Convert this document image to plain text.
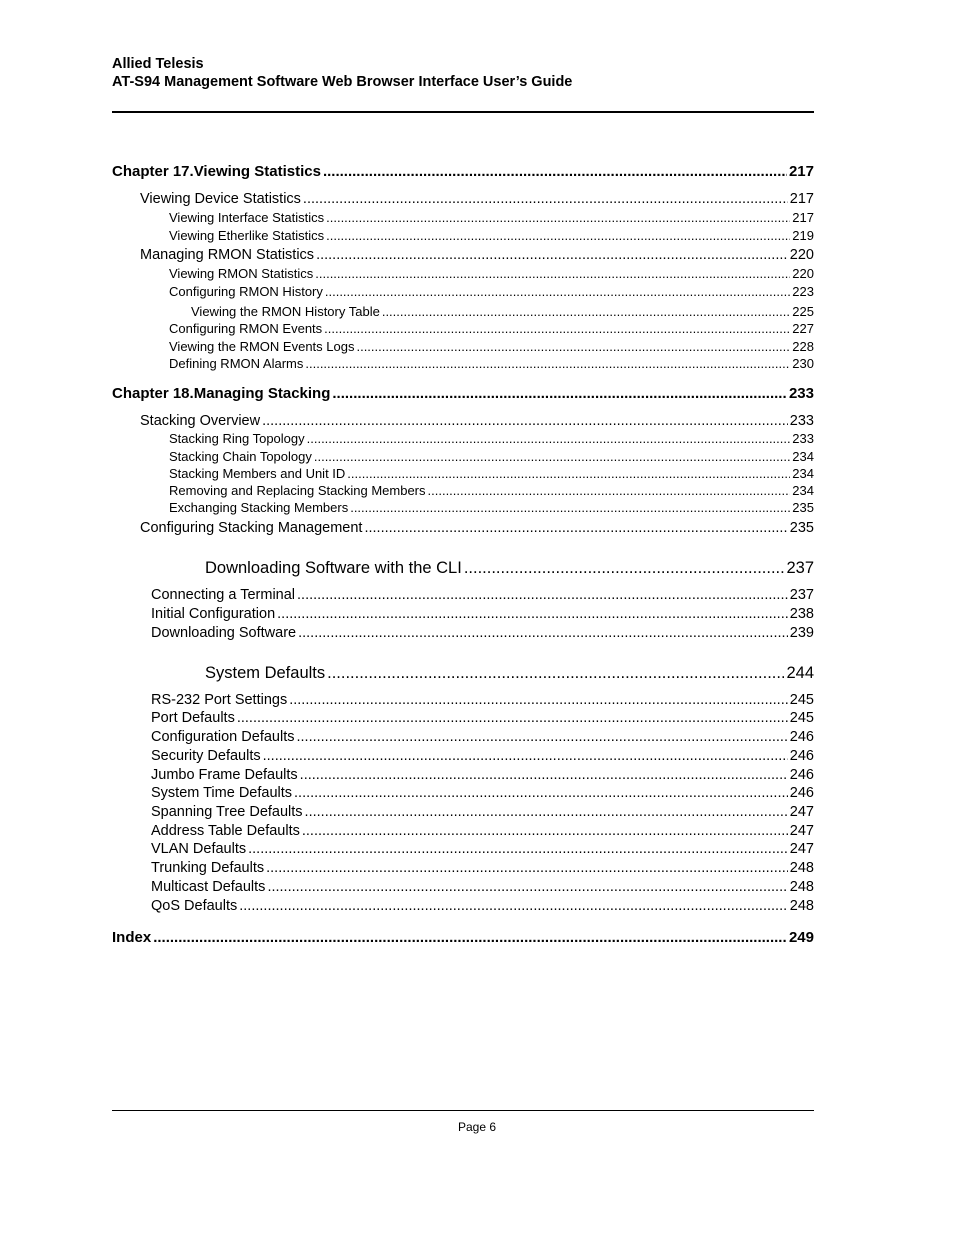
Allied Telesis
AT-S94 Management Software Web Browser Interface User’s Guide
Chapter 17.Viewing Statistics .....	217
Viewing Device Statistics .....	217
Viewing Interface Statistics .....	217
Viewing Etherlike Statistics .....	219
Managing RMON Statistics .....	220
Viewing RMON Statistics .....	220
Configuring RMON History .....	223
Viewing the RMON History Table .....	225
Configuring RMON Events .....	227
Viewing the RMON Events Logs .....	228
Defining RMON Alarms .....	230
Chapter 18.Managing Stacking .....	233
Stacking Overview .....	233
Stacking Ring Topology .....	233
Stacking Chain Topology .....	234
Stacking Members and Unit ID .....	234
Removing and Replacing Stacking Members .....	234
Exchanging Stacking Members .....	235
Configuring Stacking Management .....	235
Downloading Software with the CLI .....	237
Connecting a Terminal .....	237
Initial Configuration .....	238
Downloading Software .....	239
System Defaults .....	244
RS-232 Port Settings .....	245
Port Defaults .....	245
Configuration Defaults .....	246
Security Defaults .....	246
Jumbo Frame Defaults .....	246
System Time Defaults .....	246
Spanning Tree Defaults .....	247
Address Table Defaults .....	247
VLAN Defaults .....	247
Trunking Defaults .....	248
Multicast Defaults .....	248
QoS Defaults .....	248
Index .....	249
Page 6
